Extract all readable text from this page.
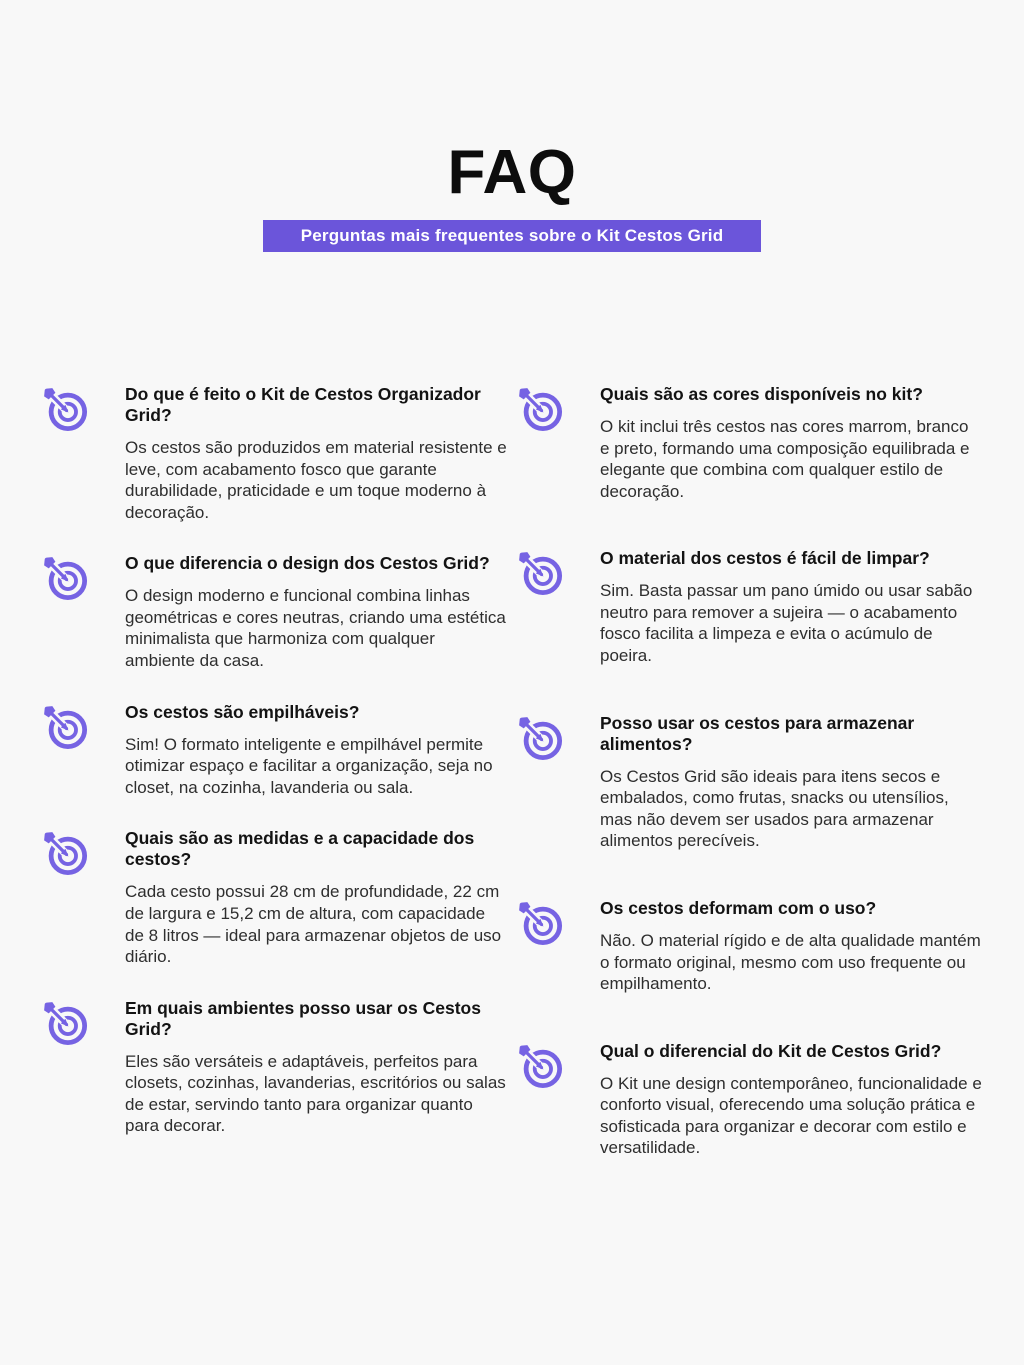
FAQ
Perguntas mais frequentes sobre o Kit Cestos Grid
Do que é feito o Kit de Cestos Organizador Grid?

Os cestos são produzidos em material resistente e leve, com acabamento fosco que garante durabilidade, praticidade e um toque moderno à decoração.

O que diferencia o design dos Cestos Grid?

O design moderno e funcional combina linhas geométricas e cores neutras, criando uma estética minimalista que harmoniza com qualquer ambiente da casa.

Os cestos são empilháveis?

Sim! O formato inteligente e empilhável permite otimizar espaço e facilitar a organização, seja no closet, na cozinha, lavanderia ou sala.

Quais são as medidas e a capacidade dos cestos?

Cada cesto possui 28 cm de profundidade, 22 cm de largura e 15,2 cm de altura, com capacidade de 8 litros — ideal para armazenar objetos de uso diário.

Em quais ambientes posso usar os Cestos Grid?

Eles são versáteis e adaptáveis, perfeitos para closets, cozinhas, lavanderias, escritórios ou salas de estar, servindo tanto para organizar quanto para decorar.

Quais são as cores disponíveis no kit?

O kit inclui três cestos nas cores marrom, branco e preto, formando uma composição equilibrada e elegante que combina com qualquer estilo de decoração.

O material dos cestos é fácil de limpar?

Sim. Basta passar um pano úmido ou usar sabão neutro para remover a sujeira — o acabamento fosco facilita a limpeza e evita o acúmulo de poeira.

Posso usar os cestos para armazenar alimentos?

Os Cestos Grid são ideais para itens secos e embalados, como frutas, snacks ou utensílios, mas não devem ser usados para armazenar alimentos perecíveis.

Os cestos deformam com o uso?

Não. O material rígido e de alta qualidade mantém o formato original, mesmo com uso frequente ou empilhamento.

Qual o diferencial do Kit de Cestos Grid?

O Kit une design contemporâneo, funcionalidade e conforto visual, oferecendo uma solução prática e sofisticada para organizar e decorar com estilo e versatilidade.
